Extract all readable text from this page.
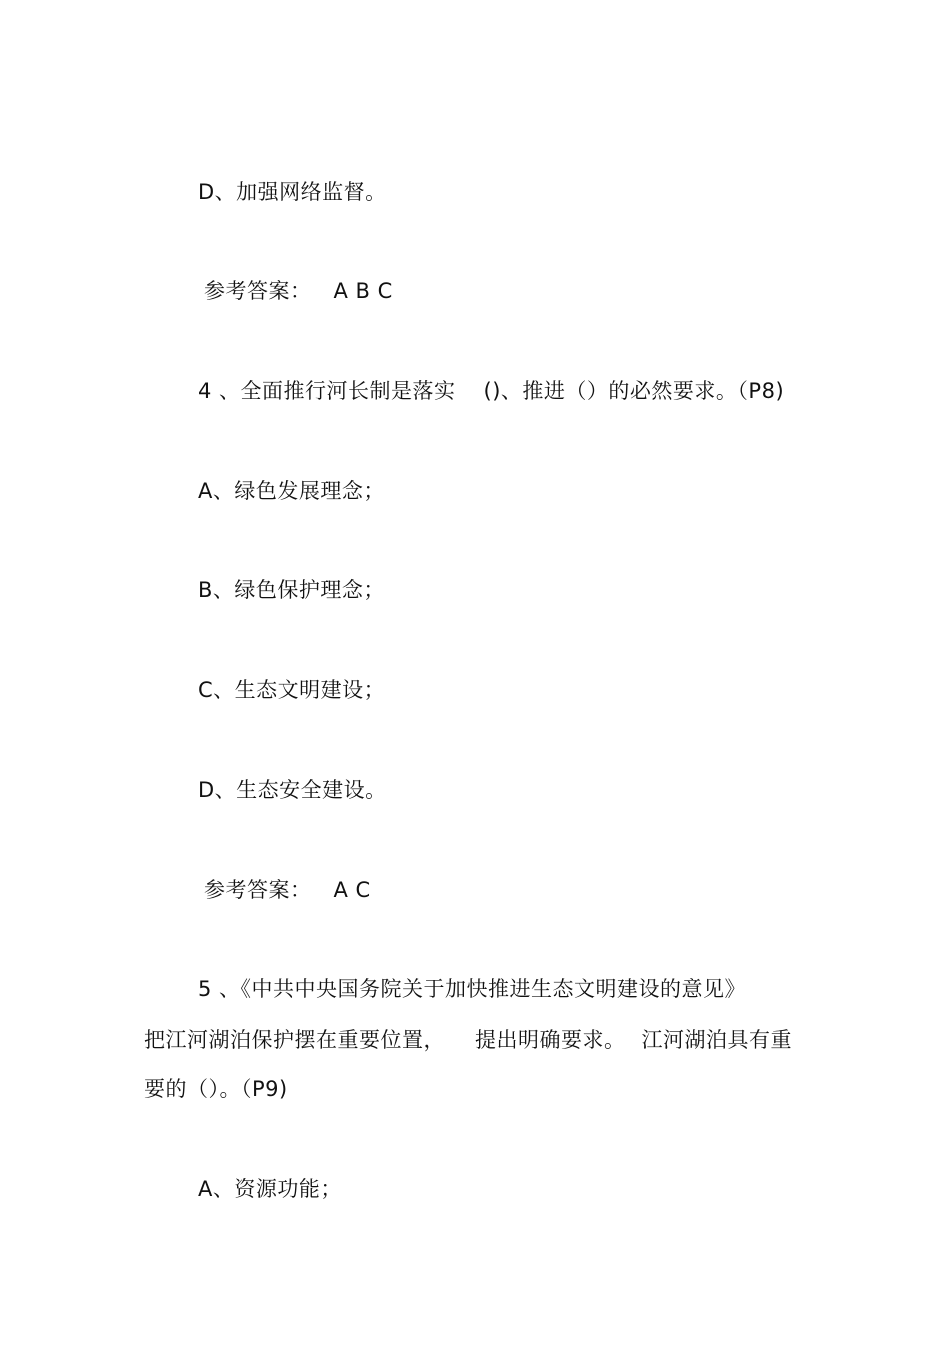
D、加强网络监督。
参考答案： A B C
4 、全面推行河长制是落实 ()、推进（）的必然要求。（P8)
A、绿色发展理念；
B、绿色保护理念；
C、生态文明建设；
D、生态安全建设。
参考答案： A C
5 、《中共中央国务院关于加快推进生态文明建设的意见》
把江河湖泊保护摆在重要位置， 提出明确要求。 江河湖泊具有重
要的（）。（P9)
A、资源功能；
